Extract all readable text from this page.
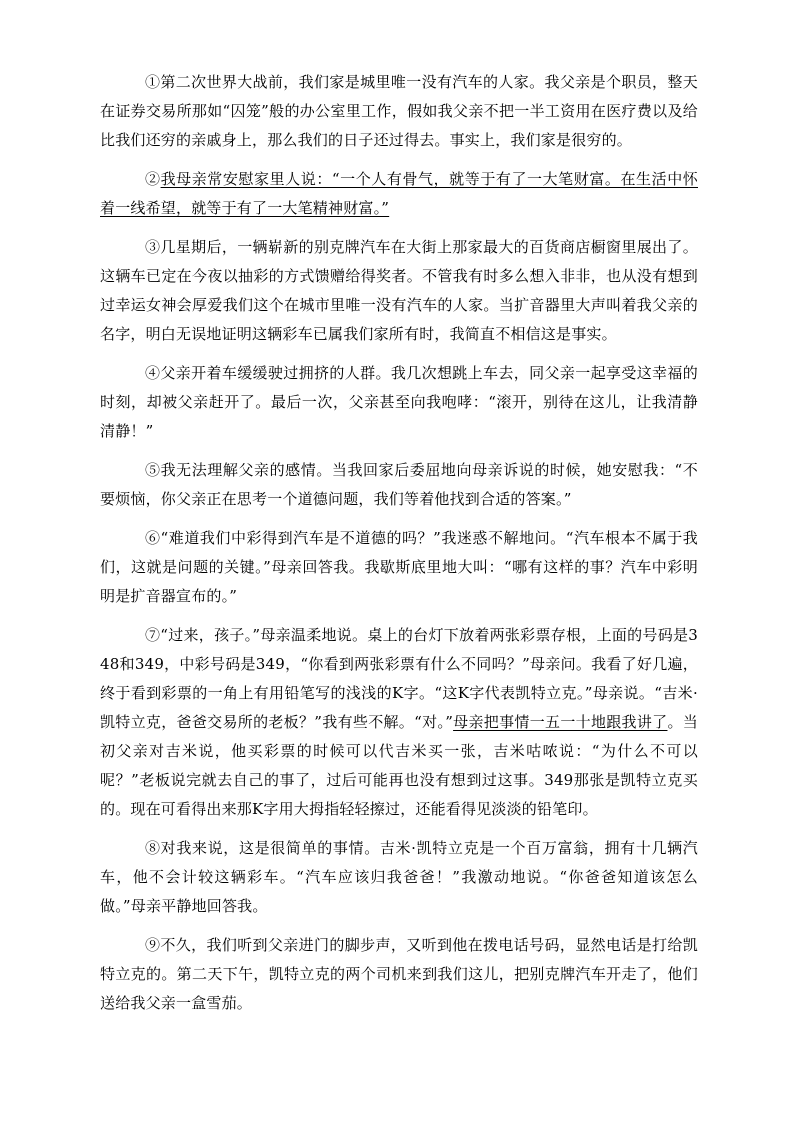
①第二次世界大战前，我们家是城里唯一没有汽车的人家。我父亲是个职员，整天在证券交易所那如“囚笼”般的办公室里工作，假如我父亲不把一半工资用在医疗费以及给比我们还穷的亲戚身上，那么我们的日子还过得去。事实上，我们家是很穷的。

②我母亲常安慰家里人说：“一个人有骨气，就等于有了一大笔财富。在生活中怀着一线希望，就等于有了一大笔精神财富。”

③几星期后，一辆崭新的别克牌汽车在大街上那家最大的百货商店橱窗里展出了。这辆车已定在今夜以抽彩的方式馈赠给得奖者。不管我有时多么想入非非，也从没有想到过幸运女神会厚爱我们这个在城市里唯一没有汽车的人家。当扩音器里大声叫着我父亲的名字，明白无误地证明这辆彩车已属我们家所有时，我简直不相信这是事实。

④父亲开着车缓缓驶过拥挤的人群。我几次想跳上车去，同父亲一起享受这幸福的时刻，却被父亲赶开了。最后一次，父亲甚至向我咆哮：“滚开，别待在这儿，让我清静清静！”

⑤我无法理解父亲的感情。当我回家后委屈地向母亲诉说的时候，她安慰我：“不要烦恼，你父亲正在思考一个道德问题，我们等着他找到合适的答案。”

⑥“难道我们中彩得到汽车是不道德的吗？”我迷惑不解地问。“汽车根本不属于我们，这就是问题的关键。”母亲回答我。我歇斯底里地大叫：“哪有这样的事？汽车中彩明明是扩音器宣布的。”

⑦“过来，孩子。”母亲温柔地说。桌上的台灯下放着两张彩票存根，上面的号码是348和349，中彩号码是349，“你看到两张彩票有什么不同吗？”母亲问。我看了好几遍，终于看到彩票的一角上有用铅笔写的浅浅的K字。“这K字代表凯特立克。”母亲说。“吉米·凯特立克，爸爸交易所的老板？”我有些不解。“对。”母亲把事情一五一十地跟我讲了。当初父亲对吉米说，他买彩票的时候可以代吉米买一张，吉米咕哝说：“为什么不可以呢？”老板说完就去自己的事了，过后可能再也没有想到过这事。349那张是凯特立克买的。现在可看得出来那K字用大拇指轻轻擦过，还能看得见淡淡的铅笔印。

⑧对我来说，这是很简单的事情。吉米·凯特立克是一个百万富翁，拥有十几辆汽车，他不会计较这辆彩车。“汽车应该归我爸爸！”我激动地说。“你爸爸知道该怎么做。”母亲平静地回答我。

⑨不久，我们听到父亲进门的脚步声，又听到他在拨电话号码，显然电话是打给凯特立克的。第二天下午，凯特立克的两个司机来到我们这儿，把别克牌汽车开走了，他们送给我父亲一盒雪茄。
